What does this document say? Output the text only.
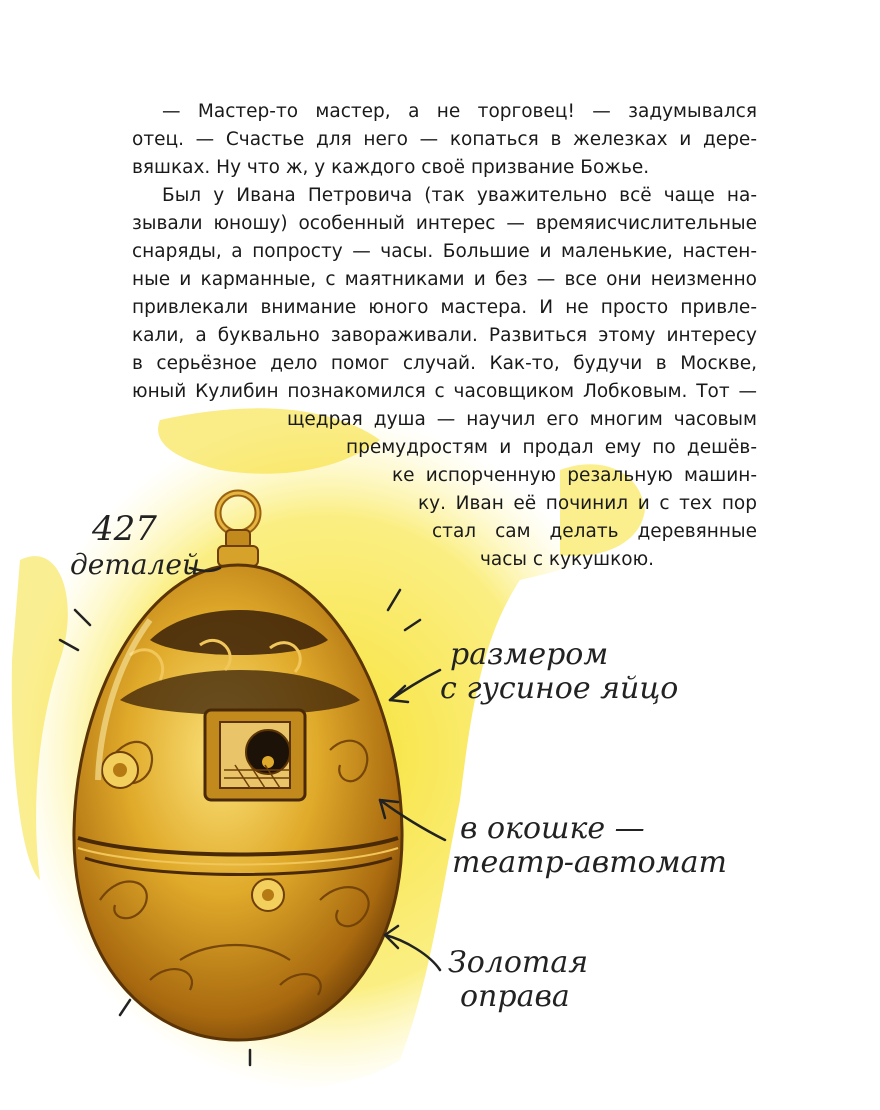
— Мастер-то мастер, а не торговец! — задумывался
отец. — Счастье для него — копаться в железках и дере-
вяшках. Ну что ж, у каждого своё призвание Божье.
Был у Ивана Петровича (так уважительно всё чаще на-
зывали юношу) особенный интерес — времяисчислительные
снаряды, а попросту — часы. Большие и маленькие, настен-
ные и карманные, с маятниками и без — все они неизменно
привлекали внимание юного мастера. И не просто привле-
кали, а буквально завораживали. Развиться этому интересу
в серьёзное дело помог случай. Как-то, будучи в Москве,
юный Кулибин познакомился с часовщиком Лобковым. Тот —
щедрая душа — научил его многим часовым
премудростям и продал ему по дешёв-
ке испорченную резальную машин-
ку. Иван её починил и с тех пор
стал сам делать деревянные
часы с кукушкою.
427
деталей
размером
с гусиное яйцо
в окошке —
театр-автомат
Золотая
оправа
